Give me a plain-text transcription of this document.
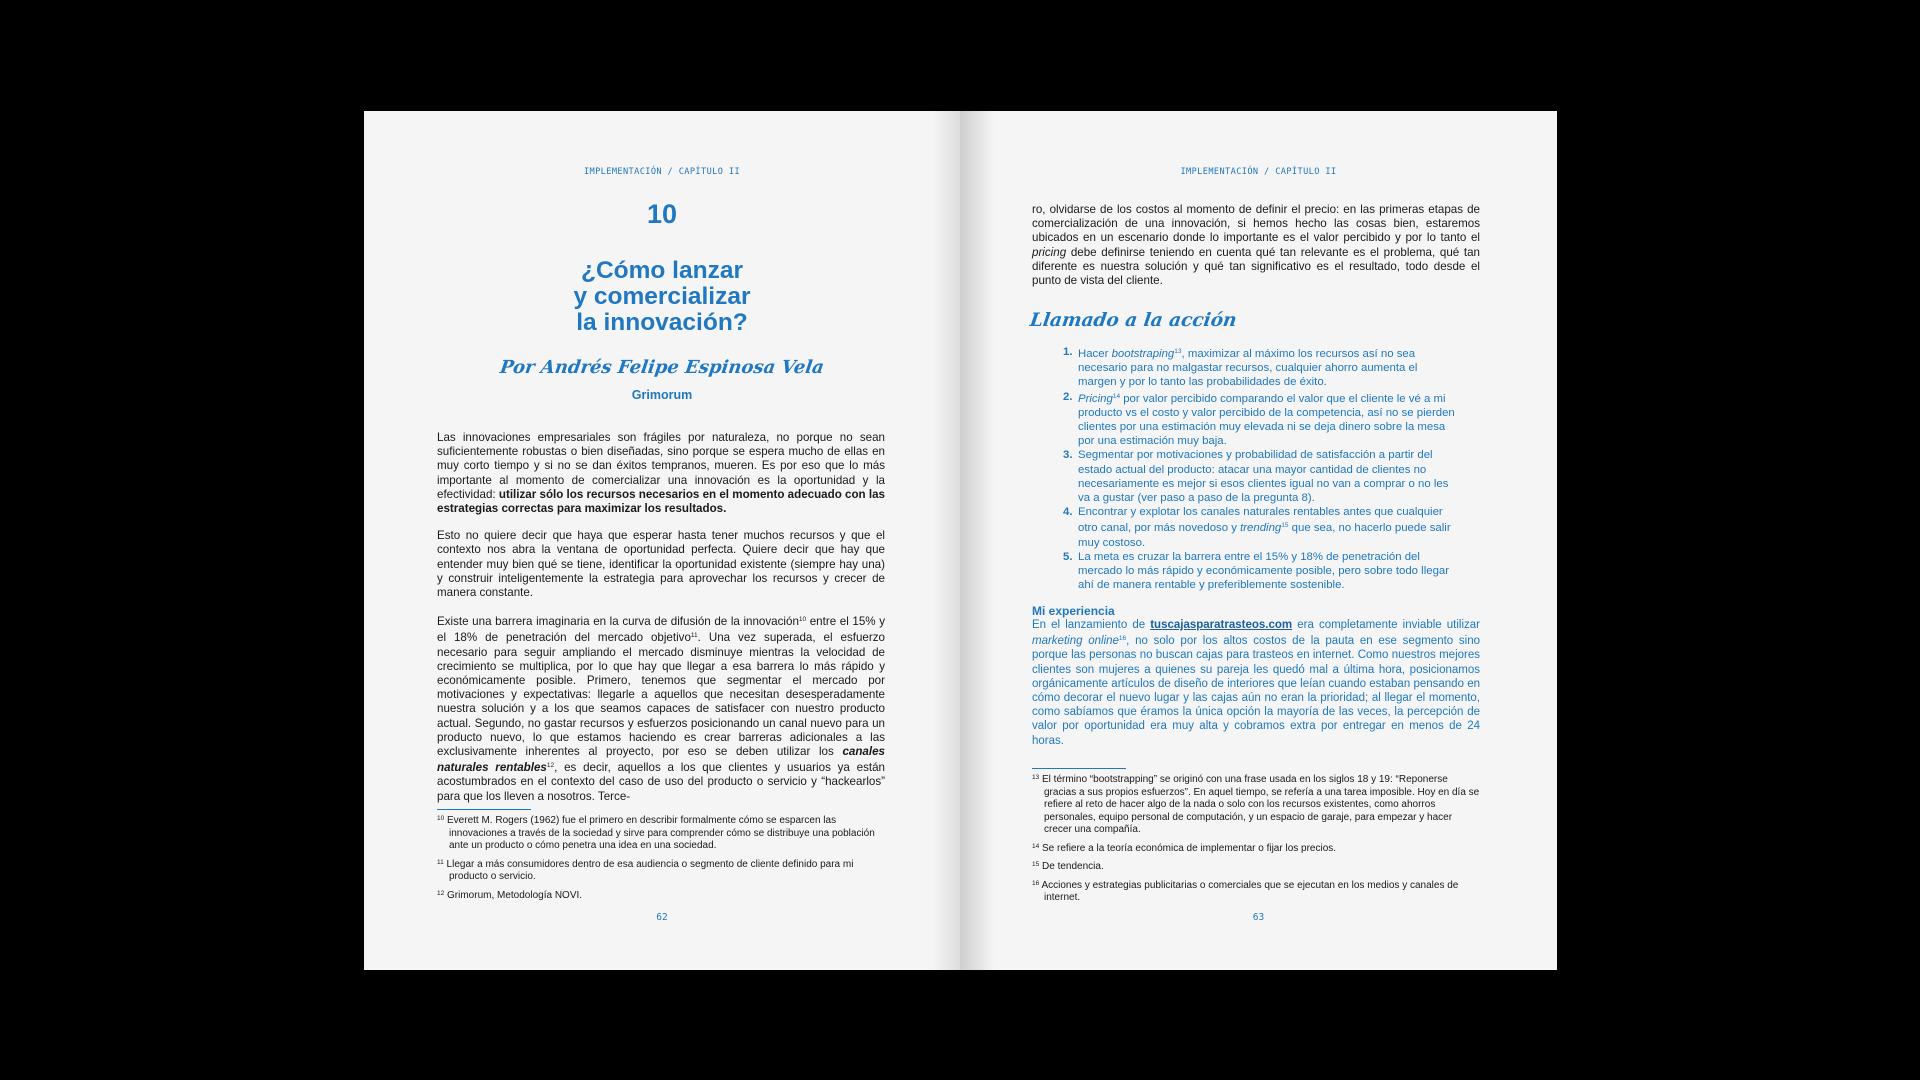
IMPLEMENTACIÓN / CAPÍTULO II
10
¿Cómo lanzar
y comercializar
la innovación?
Por Andrés Felipe Espinosa Vela
Grimorum

Las innovaciones empresariales son frágiles por naturaleza, no porque no sean suficientemente robustas o bien diseñadas, sino porque se espera mucho de ellas en muy corto tiempo y si no se dan éxitos tempranos, mueren. Es por eso que lo más importante al momento de comercializar una innovación es la oportunidad y la efectividad: utilizar sólo los recursos necesarios en el momento adecuado con las estrategias correctas para maximizar los resultados.

Esto no quiere decir que haya que esperar hasta tener muchos recursos y que el contexto nos abra la ventana de oportunidad perfecta. Quiere decir que hay que entender muy bien qué se tiene, identificar la oportunidad existente (siempre hay una) y construir inteligentemente la estrategia para aprovechar los recursos y crecer de manera constante.

Existe una barrera imaginaria en la curva de difusión de la innovación$^{10}$ entre el 15% y el 18% de penetración del mercado objetivo$^{11}$. Una vez superada, el esfuerzo necesario para seguir ampliando el mercado disminuye mientras la velocidad de crecimiento se multiplica, por lo que hay que llegar a esa barrera lo más rápido y económicamente posible. Primero, tenemos que segmentar el mercado por motivaciones y expectativas: llegarle a aquellos que necesitan desesperadamente nuestra solución y a los que seamos capaces de satisfacer con nuestro producto actual. Segundo, no gastar recursos y esfuerzos posicionando un canal nuevo para un producto nuevo, lo que estamos haciendo es crear barreras adicionales a las exclusivamente inherentes al proyecto, por eso se deben utilizar los canales naturales rentables$^{12}$, es decir, aquellos a los que clientes y usuarios ya están acostumbrados en el contexto del caso de uso del producto o servicio y “hackearlos” para que los lleven a nosotros. Terce-

$^{10}$ Everett M. Rogers (1962) fue el primero en describir formalmente cómo se esparcen las innovaciones a través de la sociedad y sirve para comprender cómo se distribuye una población ante un producto o cómo penetra una idea en una sociedad.
$^{11}$ Llegar a más consumidores dentro de esa audiencia o segmento de cliente definido para mi producto o servicio.
$^{12}$ Grimorum, Metodología NOVI.
62
IMPLEMENTACIÓN / CAPÍTULO II

ro, olvidarse de los costos al momento de definir el precio: en las primeras etapas de comercialización de una innovación, si hemos hecho las cosas bien, estaremos ubicados en un escenario donde lo importante es el valor percibido y por lo tanto el pricing debe definirse teniendo en cuenta qué tan relevante es el problema, qué tan diferente es nuestra solución y qué tan significativo es el resultado, todo desde el punto de vista del cliente.

Llamado a la acción
1. Hacer bootstraping$^{13}$, maximizar al máximo los recursos así no sea necesario para no malgastar recursos, cualquier ahorro aumenta el margen y por lo tanto las probabilidades de éxito.
2. Pricing$^{14}$ por valor percibido comparando el valor que el cliente le vé a mi producto vs el costo y valor percibido de la competencia, así no se pierden clientes por una estimación muy elevada ni se deja dinero sobre la mesa por una estimación muy baja.
3. Segmentar por motivaciones y probabilidad de satisfacción a partir del estado actual del producto: atacar una mayor cantidad de clientes no necesariamente es mejor si esos clientes igual no van a comprar o no les va a gustar (ver paso a paso de la pregunta 8).
4. Encontrar y explotar los canales naturales rentables antes que cualquier otro canal, por más novedoso y trending$^{15}$ que sea, no hacerlo puede salir muy costoso.
5. La meta es cruzar la barrera entre el 15% y 18% de penetración del mercado lo más rápido y económicamente posible, pero sobre todo llegar ahí de manera rentable y preferiblemente sostenible.
Mi experiencia
En el lanzamiento de tuscajasparatrasteos.com era completamente inviable utilizar marketing online$^{16}$, no solo por los altos costos de la pauta en ese segmento sino porque las personas no buscan cajas para trasteos en internet. Como nuestros mejores clientes son mujeres a quienes su pareja les quedó mal a última hora, posicionamos orgánicamente artículos de diseño de interiores que leían cuando estaban pensando en cómo decorar el nuevo lugar y las cajas aún no eran la prioridad; al llegar el momento, como sabíamos que éramos la única opción la mayoría de las veces, la percepción de valor por oportunidad era muy alta y cobramos extra por entregar en menos de 24 horas.
$^{13}$ El término “bootstrapping” se originó con una frase usada en los siglos 18 y 19: “Reponerse gracias a sus propios esfuerzos”. En aquel tiempo, se refería a una tarea imposible. Hoy en día se refiere al reto de hacer algo de la nada o solo con los recursos existentes, como ahorros personales, equipo personal de computación, y un espacio de garaje, para empezar y hacer crecer una compañía.
$^{14}$ Se refiere a la teoría económica de implementar o fijar los precios.
$^{15}$ De tendencia.
$^{16}$ Acciones y estrategias publicitarias o comerciales que se ejecutan en los medios y canales de internet.
63
